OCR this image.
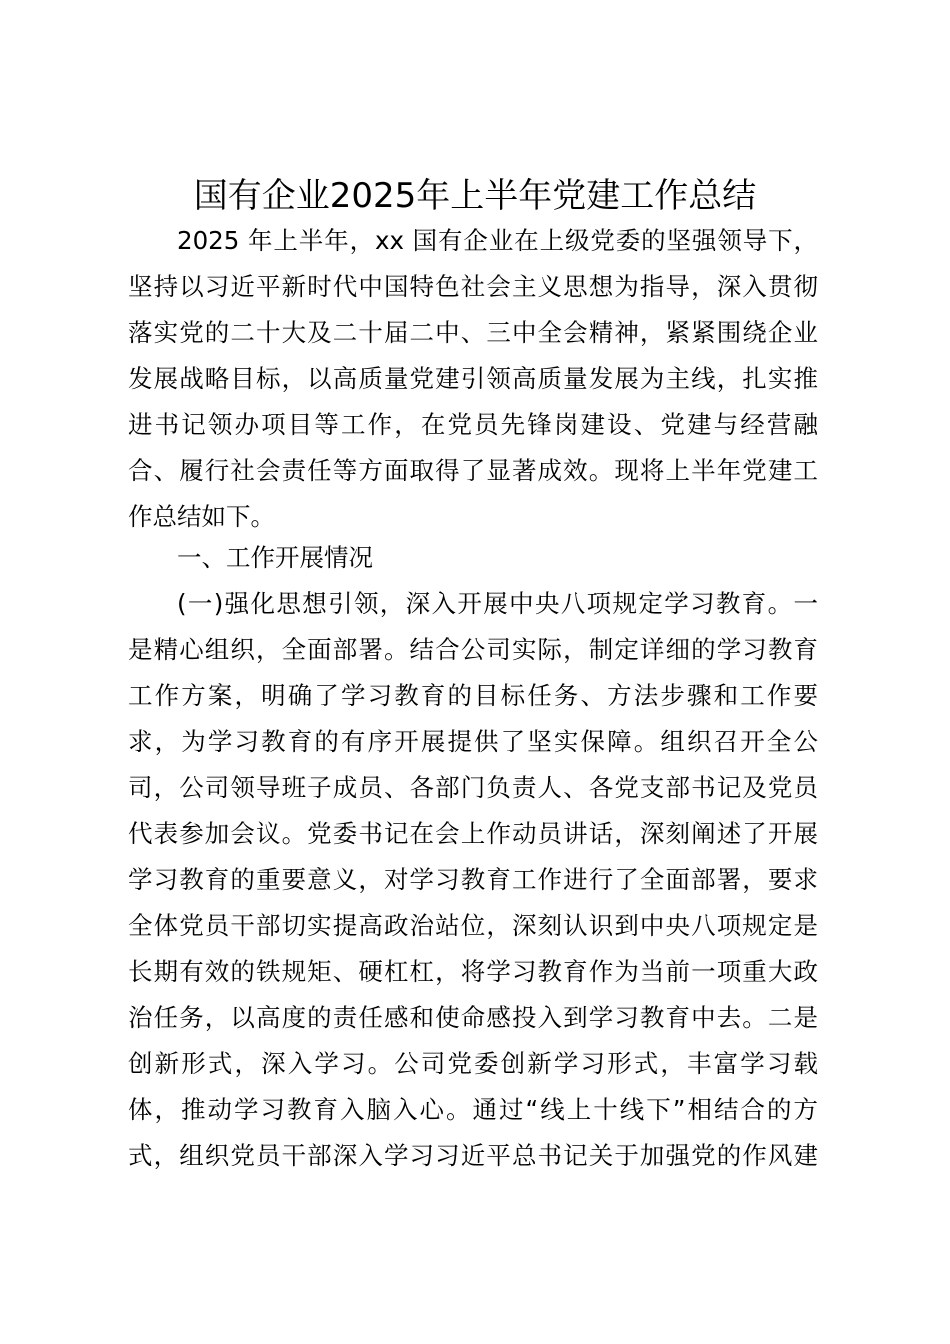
国有企业2025年上半年党建工作总结
2025 年上半年，xx 国有企业在上级党委的坚强领导下，
坚持以习近平新时代中国特色社会主义思想为指导，深入贯彻
落实党的二十大及二十届二中、三中全会精神，紧紧围绕企业
发展战略目标，以高质量党建引领高质量发展为主线，扎实推
进书记领办项目等工作，在党员先锋岗建设、党建与经营融
合、履行社会责任等方面取得了显著成效。现将上半年党建工
作总结如下。
一、工作开展情况
(一)强化思想引领，深入开展中央八项规定学习教育。一
是精心组织，全面部署。结合公司实际，制定详细的学习教育
工作方案，明确了学习教育的目标任务、方法步骤和工作要
求，为学习教育的有序开展提供了坚实保障。组织召开全公
司，公司领导班子成员、各部门负责人、各党支部书记及党员
代表参加会议。党委书记在会上作动员讲话，深刻阐述了开展
学习教育的重要意义，对学习教育工作进行了全面部署，要求
全体党员干部切实提高政治站位，深刻认识到中央八项规定是
长期有效的铁规矩、硬杠杠，将学习教育作为当前一项重大政
治任务，以高度的责任感和使命感投入到学习教育中去。二是
创新形式，深入学习。公司党委创新学习形式，丰富学习载
体，推动学习教育入脑入心。通过“线上十线下”相结合的方
式，组织党员干部深入学习习近平总书记关于加强党的作风建
